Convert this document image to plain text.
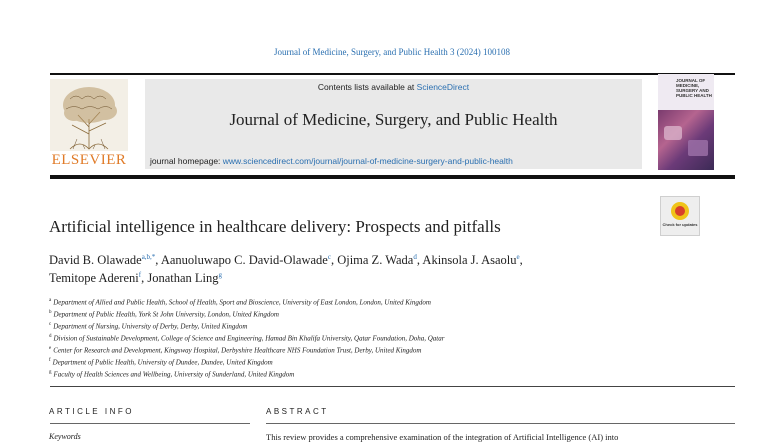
Journal of Medicine, Surgery, and Public Health 3 (2024) 100108
ELSEVIER
Contents lists available at ScienceDirect
Journal of Medicine, Surgery, and Public Health
journal homepage: www.sciencedirect.com/journal/journal-of-medicine-surgery-and-public-health
JOURNAL OF MEDICINE, SURGERY AND PUBLIC HEALTH
Artificial intelligence in healthcare delivery: Prospects and pitfalls	Check for updates
David B. Olawade$^{a,b,*}$, Aanuoluwapo C. David-Olawade$^c$, Ojima Z. Wada$^d$, Akinsola J. Asaolu$^e$,
Temitope Adereni$^f$, Jonathan Ling$^g$
$^a$ Department of Allied and Public Health, School of Health, Sport and Bioscience, University of East London, London, United Kingdom
$^b$ Department of Public Health, York St John University, London, United Kingdom
$^c$ Department of Nursing, University of Derby, Derby, United Kingdom
$^d$ Division of Sustainable Development, College of Science and Engineering, Hamad Bin Khalifa University, Qatar Foundation, Doha, Qatar
$^e$ Center for Research and Development, Kingsway Hospital, Derbyshire Healthcare NHS Foundation Trust, Derby, United Kingdom
$^f$ Department of Public Health, University of Dundee, Dundee, United Kingdom
$^g$ Faculty of Health Sciences and Wellbeing, University of Sunderland, United Kingdom
ARTICLE INFO	ABSTRACT
Keywords	This review provides a comprehensive examination of the integration of Artificial Intelligence (AI) into
